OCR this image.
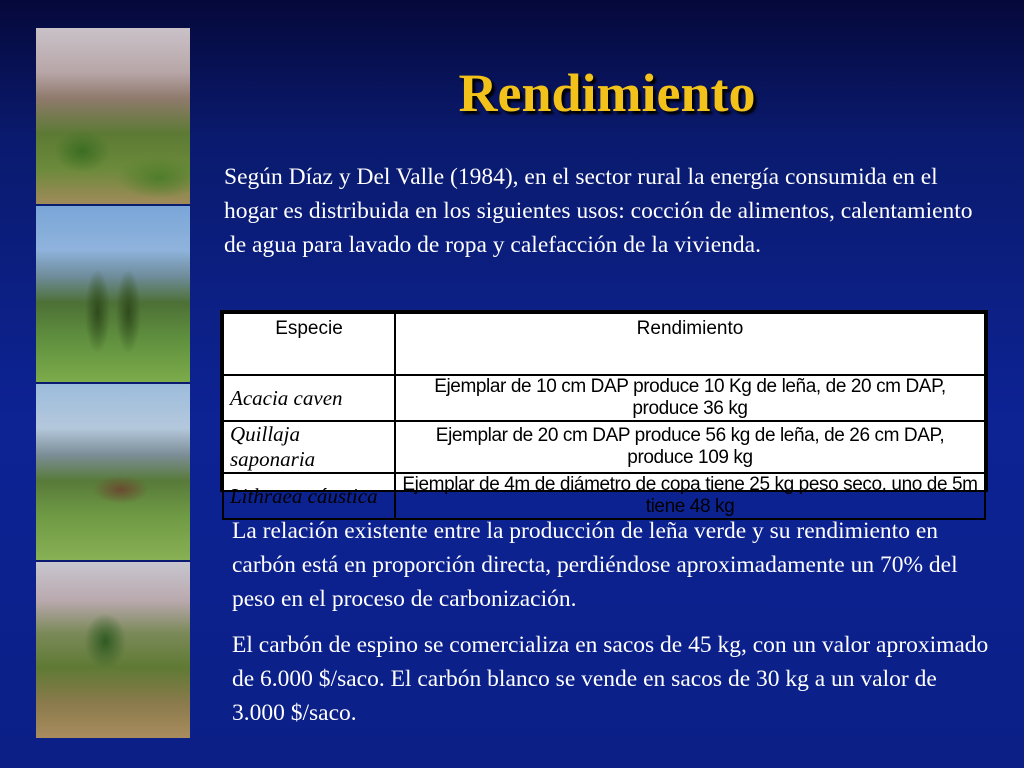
Rendimiento

Según Díaz y Del Valle (1984), en el sector rural la energía consumida en el hogar es distribuida en los siguientes usos: cocción de alimentos, calentamiento de agua para lavado de ropa y calefacción de la vivienda.

Especie	Rendimiento
Acacia caven	Ejemplar de 10 cm DAP produce 10 Kg de leña, de 20 cm DAP, produce 36 kg
Quillaja saponaria	Ejemplar de 20 cm DAP produce 56 kg de leña, de 26 cm DAP, produce 109 kg
Lithraea cáustica	Ejemplar de 4m de diámetro de copa tiene 25 kg peso seco, uno de 5m tiene 48 kg

La relación existente entre la producción de leña verde y su rendimiento en carbón está en proporción directa, perdiéndose aproximadamente un 70% del peso en el proceso de carbonización.

El carbón de espino se comercializa en sacos de 45 kg, con un valor aproximado de 6.000 $/saco. El carbón blanco se vende en sacos de 30 kg a un valor de 3.000 $/saco.
